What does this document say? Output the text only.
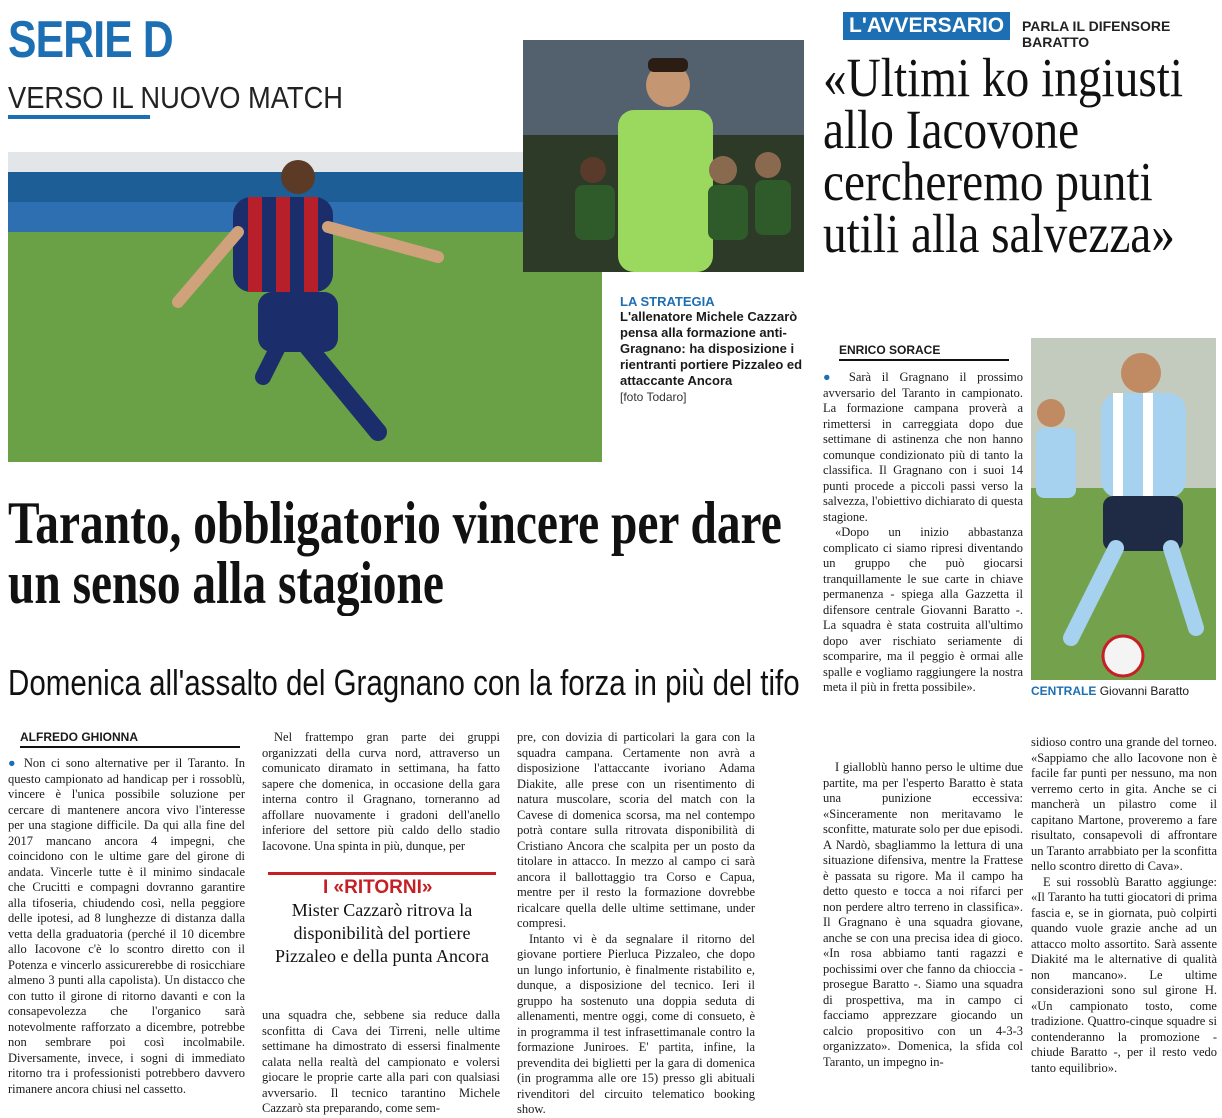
SERIE D
VERSO IL NUOVO MATCH
LA STRATEGIA
L'allenatore Michele Cazzarò pensa alla formazione anti-Gragnano: ha disposizione i rientranti portiere Pizzaleo ed attaccante Ancora
[foto Todaro]
L'AVVERSARIO	PARLA IL DIFENSORE BARATTO
«Ultimi ko ingiusti allo Iacovone cercheremo punti utili alla salvezza»
ENRICO SORACE

● Sarà il Gragnano il prossimo avversario del Taranto in campionato. La formazione campana proverà a rimettersi in carreggiata dopo due settimane di astinenza che non hanno comunque condizionato più di tanto la classifica. Il Gragnano con i suoi 14 punti procede a piccoli passi verso la salvezza, l'obiettivo dichiarato di questa stagione.

«Dopo un inizio abbastanza complicato ci siamo ripresi diventando un gruppo che può giocarsi tranquillamente le sue carte in chiave permanenza - spiega alla Gazzetta il difensore centrale Giovanni Baratto -. La squadra è stata costruita all'ultimo dopo aver rischiato seriamente di scomparire, ma il peggio è ormai alle spalle e vogliamo raggiungere la nostra meta il più in fretta possibile».	CENTRALE Giovanni Baratto

I gialloblù hanno perso le ultime due partite, ma per l'esperto Baratto è stata una punizione eccessiva: «Sinceramente non meritavamo le sconfitte, maturate solo per due episodi. A Nardò, sbagliammo la lettura di una situazione difensiva, mentre la Frattese è passata su rigore. Ma il campo ha detto questo e tocca a noi rifarci per non perdere altro terreno in classifica». Il Gragnano è una squadra giovane, anche se con una precisa idea di gioco. «In rosa abbiamo tanti ragazzi e pochissimi over che fanno da chioccia - prosegue Baratto -. Siamo una squadra di prospettiva, ma in campo ci facciamo apprezzare giocando un calcio propositivo con un 4-3-3 organizzato». Domenica, la sfida col Taranto, un impegno in-

sidioso contro una grande del torneo. «Sappiamo che allo Iacovone non è facile far punti per nessuno, ma non verremo certo in gita. Anche se ci mancherà un pilastro come il capitano Martone, proveremo a fare risultato, consapevoli di affrontare un Taranto arrabbiato per la sconfitta nello scontro diretto di Cava».

E sui rossoblù Baratto aggiunge: «Il Taranto ha tutti giocatori di prima fascia e, se in giornata, può colpirti quando vuole grazie anche ad un attacco molto assortito. Sarà assente Diakité ma le alternative di qualità non mancano». Le ultime considerazioni sono sul girone H. «Un campionato tosto, come tradizione. Quattro-cinque squadre si contenderanno la promozione - chiude Baratto -, per il resto vedo tanto equilibrio».

Taranto, obbligatorio vincere per dare un senso alla stagione
Domenica all'assalto del Gragnano con la forza in più del tifo
ALFREDO GHIONNA

● Non ci sono alternative per il Taranto. In questo campionato ad handicap per i rossoblù, vincere è l'unica possibile soluzione per cercare di mantenere ancora vivo l'interesse per una stagione difficile. Da qui alla fine del 2017 mancano ancora 4 impegni, che coincidono con le ultime gare del girone di andata. Vincerle tutte è il minimo sindacale che Crucitti e compagni dovranno garantire alla tifoseria, chiudendo così, nella peggiore delle ipotesi, ad 8 lunghezze di distanza dalla vetta della graduatoria (perché il 10 dicembre allo Iacovone c'è lo scontro diretto con il Potenza e vincerlo assicurerebbe di rosicchiare almeno 3 punti alla capolista). Un distacco che con tutto il girone di ritorno davanti e con la consapevolezza che l'organico sarà notevolmente rafforzato a dicembre, potrebbe non sembrare poi così incolmabile. Diversamente, invece, i sogni di immediato ritorno tra i professionisti potrebbero davvero rimanere ancora chiusi nel cassetto.

Nel frattempo gran parte dei gruppi organizzati della curva nord, attraverso un comunicato diramato in settimana, ha fatto sapere che domenica, in occasione della gara interna contro il Gragnano, torneranno ad affollare nuovamente i gradoni dell'anello inferiore del settore più caldo dello stadio Iacovone. Una spinta in più, dunque, per

I «RITORNI»
Mister Cazzarò ritrova la disponibilità del portiere Pizzaleo e della punta Ancora

una squadra che, sebbene sia reduce dalla sconfitta di Cava dei Tirreni, nelle ultime settimane ha dimostrato di essersi finalmente calata nella realtà del campionato e volersi giocare le proprie carte alla pari con qualsiasi avversario. Il tecnico tarantino Michele Cazzarò sta preparando, come sem-

pre, con dovizia di particolari la gara con la squadra campana. Certamente non avrà a disposizione l'attaccante ivoriano Adama Diakite, alle prese con un risentimento di natura muscolare, scoria del match con la Cavese di domenica scorsa, ma nel contempo potrà contare sulla ritrovata disponibilità di Cristiano Ancora che scalpita per un posto da titolare in attacco. In mezzo al campo ci sarà ancora il ballottaggio tra Corso e Capua, mentre per il resto la formazione dovrebbe ricalcare quella delle ultime settimane, under compresi.

Intanto vi è da segnalare il ritorno del giovane portiere Pierluca Pizzaleo, che dopo un lungo infortunio, è finalmente ristabilito e, dunque, a disposizione del tecnico. Ieri il gruppo ha sostenuto una doppia seduta di allenamenti, mentre oggi, come di consueto, è in programma il test infrasettimanale contro la formazione Juniroes. E' partita, infine, la prevendita dei biglietti per la gara di domenica (in programma alle ore 15) presso gli abituali rivenditori del circuito telematico booking show.
